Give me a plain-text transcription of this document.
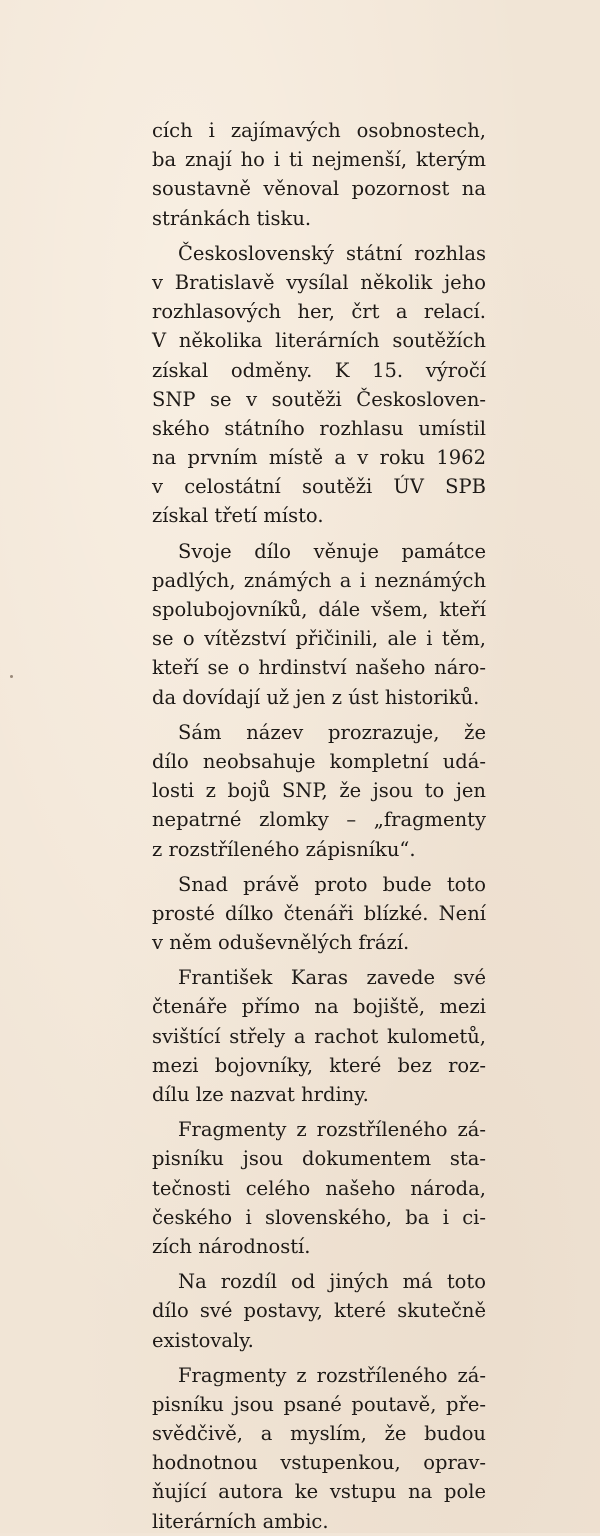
cích i zajímavých osobnostech,
ba znají ho i ti nejmenší, kterým
soustavně věnoval pozornost na
stránkách tisku.
Československý státní rozhlas
v Bratislavě vysílal několik jeho
rozhlasových her, črt a relací.
V několika literárních soutěžích
získal odměny. K 15. výročí
SNP se v soutěži Českosloven-
ského státního rozhlasu umístil
na prvním místě a v roku 1962
v celostátní soutěži ÚV SPB
získal třetí místo.
Svoje dílo věnuje památce
padlých, známých a i neznámých
spolubojovníků, dále všem, kteří
se o vítězství přičinili, ale i těm,
kteří se o hrdinství našeho náro-
da dovídají už jen z úst historiků.
Sám název prozrazuje, že
dílo neobsahuje kompletní udá-
losti z bojů SNP, že jsou to jen
nepatrné zlomky – „fragmenty
z rozstříleného zápisníku“.
Snad právě proto bude toto
prosté dílko čtenáři blízké. Není
v něm oduševnělých frází.
František Karas zavede své
čtenáře přímo na bojiště, mezi
svištící střely a rachot kulometů,
mezi bojovníky, které bez roz-
dílu lze nazvat hrdiny.
Fragmenty z rozstříleného zá-
pisníku jsou dokumentem sta-
tečnosti celého našeho národa,
českého i slovenského, ba i ci-
zích národností.
Na rozdíl od jiných má toto
dílo své postavy, které skutečně
existovaly.
Fragmenty z rozstříleného zá-
pisníku jsou psané poutavě, pře-
svědčivě, a myslím, že budou
hodnotnou vstupenkou, oprav-
ňující autora ke vstupu na pole
literárních ambic.
